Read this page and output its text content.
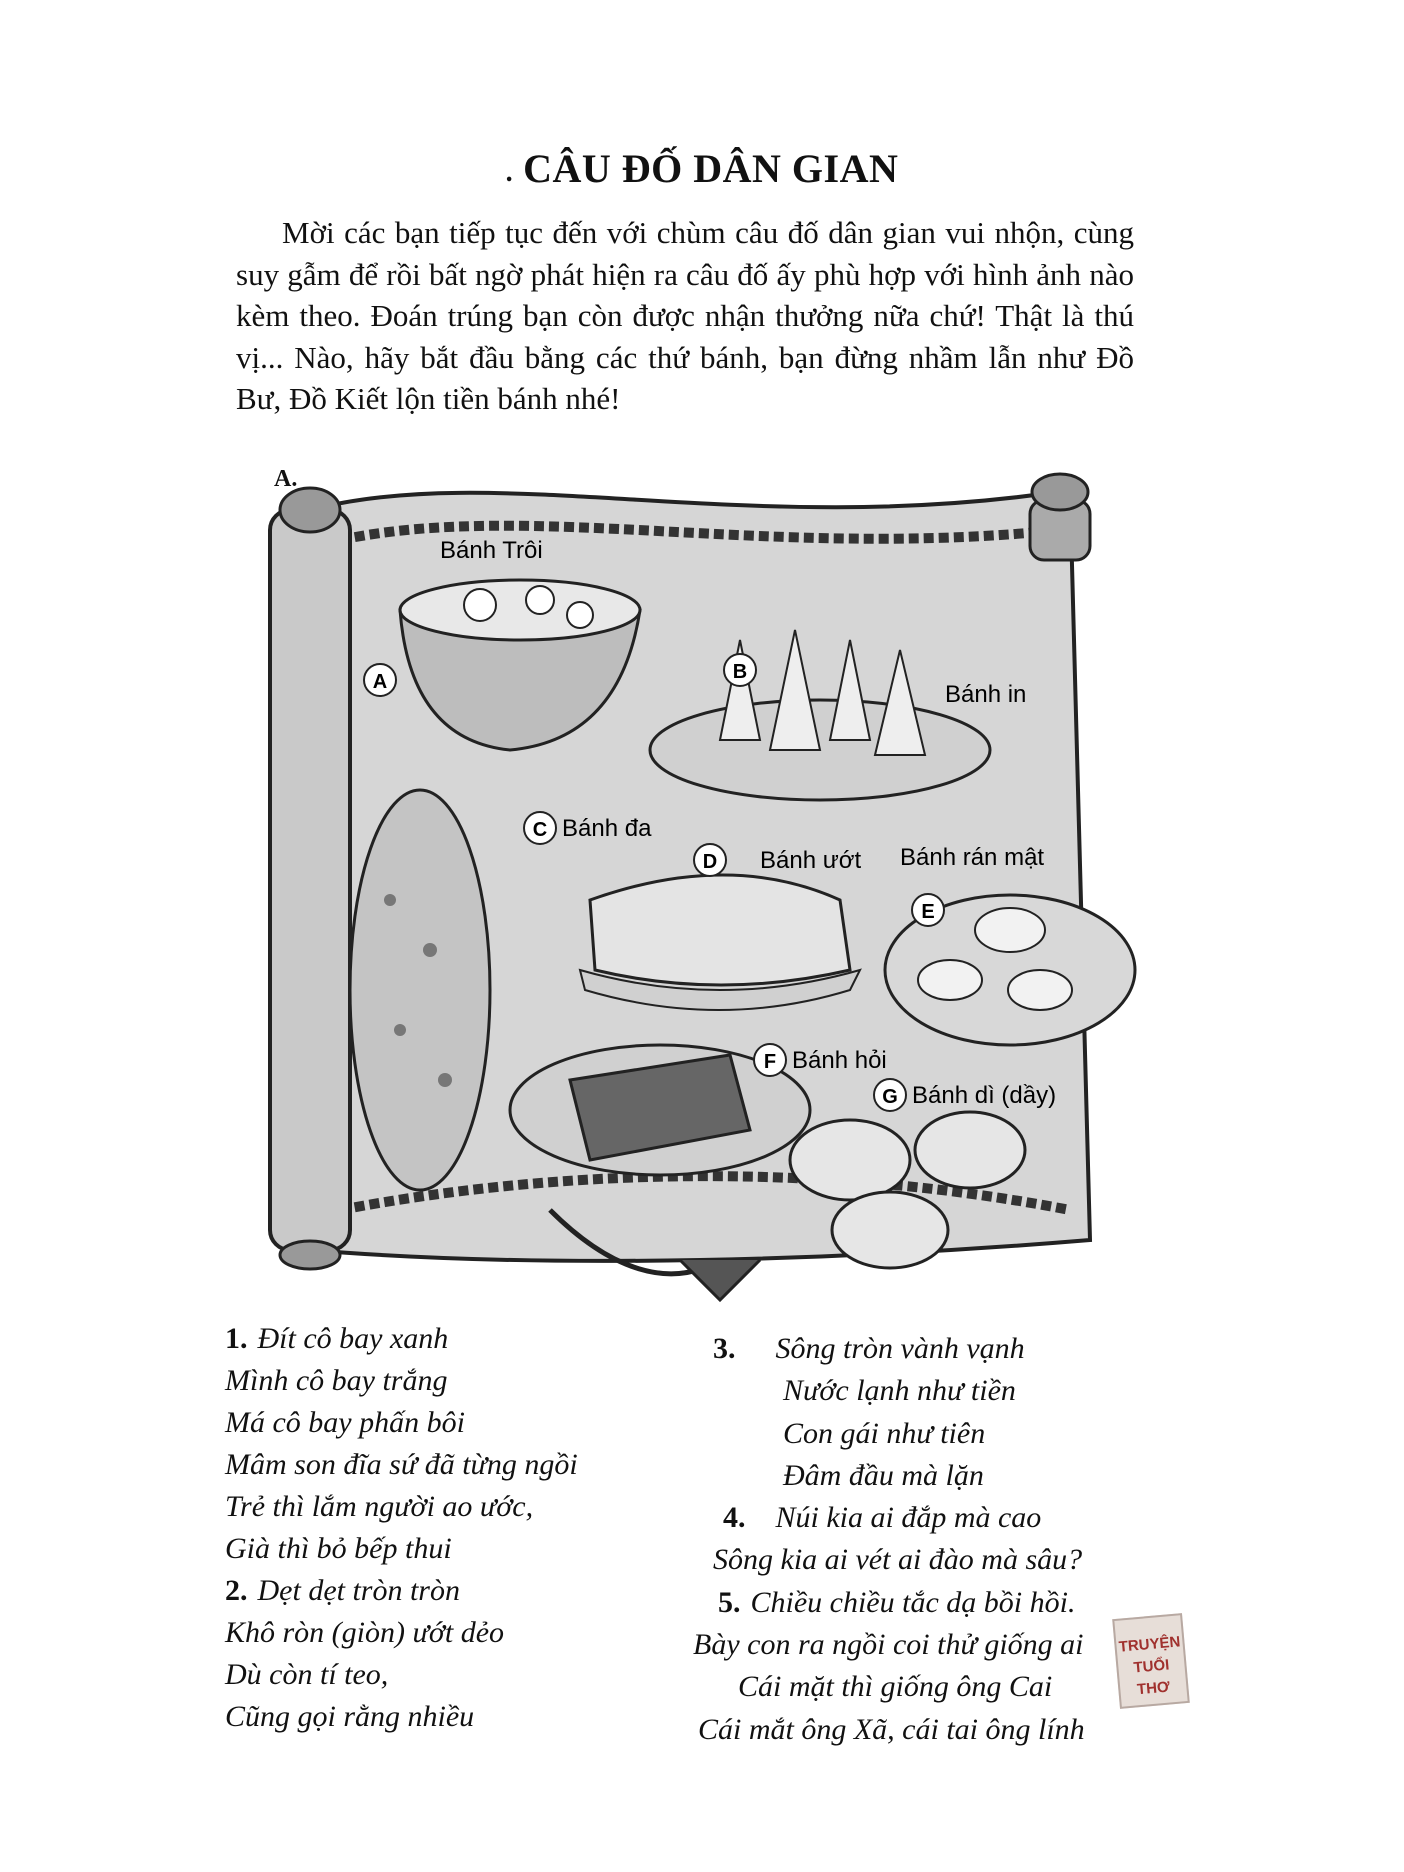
. CÂU ĐỐ DÂN GIAN

Mời các bạn tiếp tục đến với chùm câu đố dân gian vui nhộn, cùng suy gẫm để rồi bất ngờ phát hiện ra câu đố ấy phù hợp với hình ảnh nào kèm theo. Đoán trúng bạn còn được nhận thưởng nữa chứ! Thật là thú vị... Nào, hãy bắt đầu bằng các thứ bánh, bạn đừng nhầm lẫn như Đồ Bư, Đồ Kiết lộn tiền bánh nhé!

A.
Bánh Trôi
A	B
Bánh in
C Bánh đa
D Bánh ướt
E
Bánh rán mật
F Bánh hỏi
G Bánh dì (dầy)
1. Đít cô bay xanh
Mình cô bay trắng
Má cô bay phấn bôi
Mâm son đĩa sứ đã từng ngồi
Trẻ thì lắm người ao ước,
Già thì bỏ bếp thui
2. Dẹt dẹt tròn tròn
Khô ròn (giòn) ướt dẻo
Dù còn tí teo,
Cũng gọi rằng nhiều
3. Sông tròn vành vạnh
Nước lạnh như tiền
Con gái như tiên
Đâm đầu mà lặn
4. Núi kia ai đắp mà cao
Sông kia ai vét ai đào mà sâu?
5. Chiều chiều tắc dạ bồi hồi.
Bày con ra ngồi coi thử giống ai
Cái mặt thì giống ông Cai
Cái mắt ông Xã, cái tai ông lính
TRUYỆN
TUỔI THƠ
